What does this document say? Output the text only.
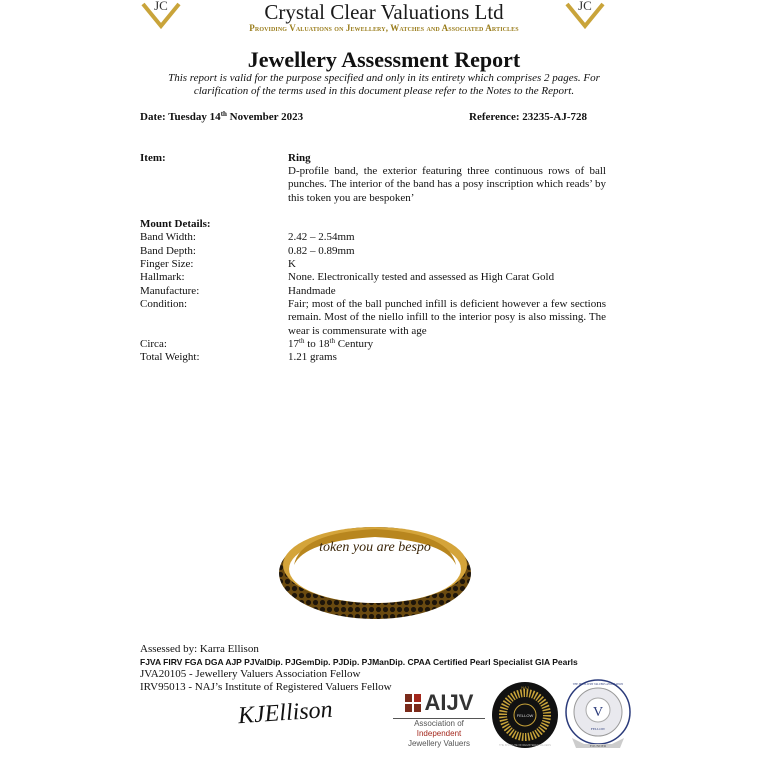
JC	JC
Crystal Clear Valuations Ltd
Providing Valuations on Jewellery, Watches and Associated Articles
Jewellery Assessment Report
This report is valid for the purpose specified and only in its entirety which comprises 2 pages. For
clarification of the terms used in this document please refer to the Notes to the Report.
Date: Tuesday 14th November 2023	Reference: 23235-AJ-728
Item:	Ring
D-profile band, the exterior featuring three continuous rows of ball punches. The interior of the band has a posy inscription which reads’ by this token you are bespoken’
Mount Details:
Band Width:	2.42 – 2.54mm
Band Depth:	0.82 – 0.89mm
Finger Size:	K
Hallmark:	None. Electronically tested and assessed as High Carat Gold
Manufacture:	Handmade
Condition:	Fair; most of the ball punched infill is deficient however a few sections remain. Most of the niello infill to the interior posy is also missing. The wear is commensurate with age
Circa:	17th to 18th Century
Total Weight:	1.21 grams
token you are bespo
Assessed by: Karra Ellison
FJVA FIRV FGA DGA AJP PJValDip. PJGemDip. PJDip. PJManDip. CPAA Certified Pearl Specialist GIA Pearls
JVA20105 - Jewellery Valuers Association Fellow
IRV95013 - NAJ’s Institute of Registered Valuers Fellow
KJEllison	AIJV
Association of
Independent
Jewellery Valuers
FELLOW
NAJ
THE INSTITUTE OF REGISTERED VALUERS
V
FELLOW
THE JEWELLERY VALUERS ASSOCIATION
FOUNDER
